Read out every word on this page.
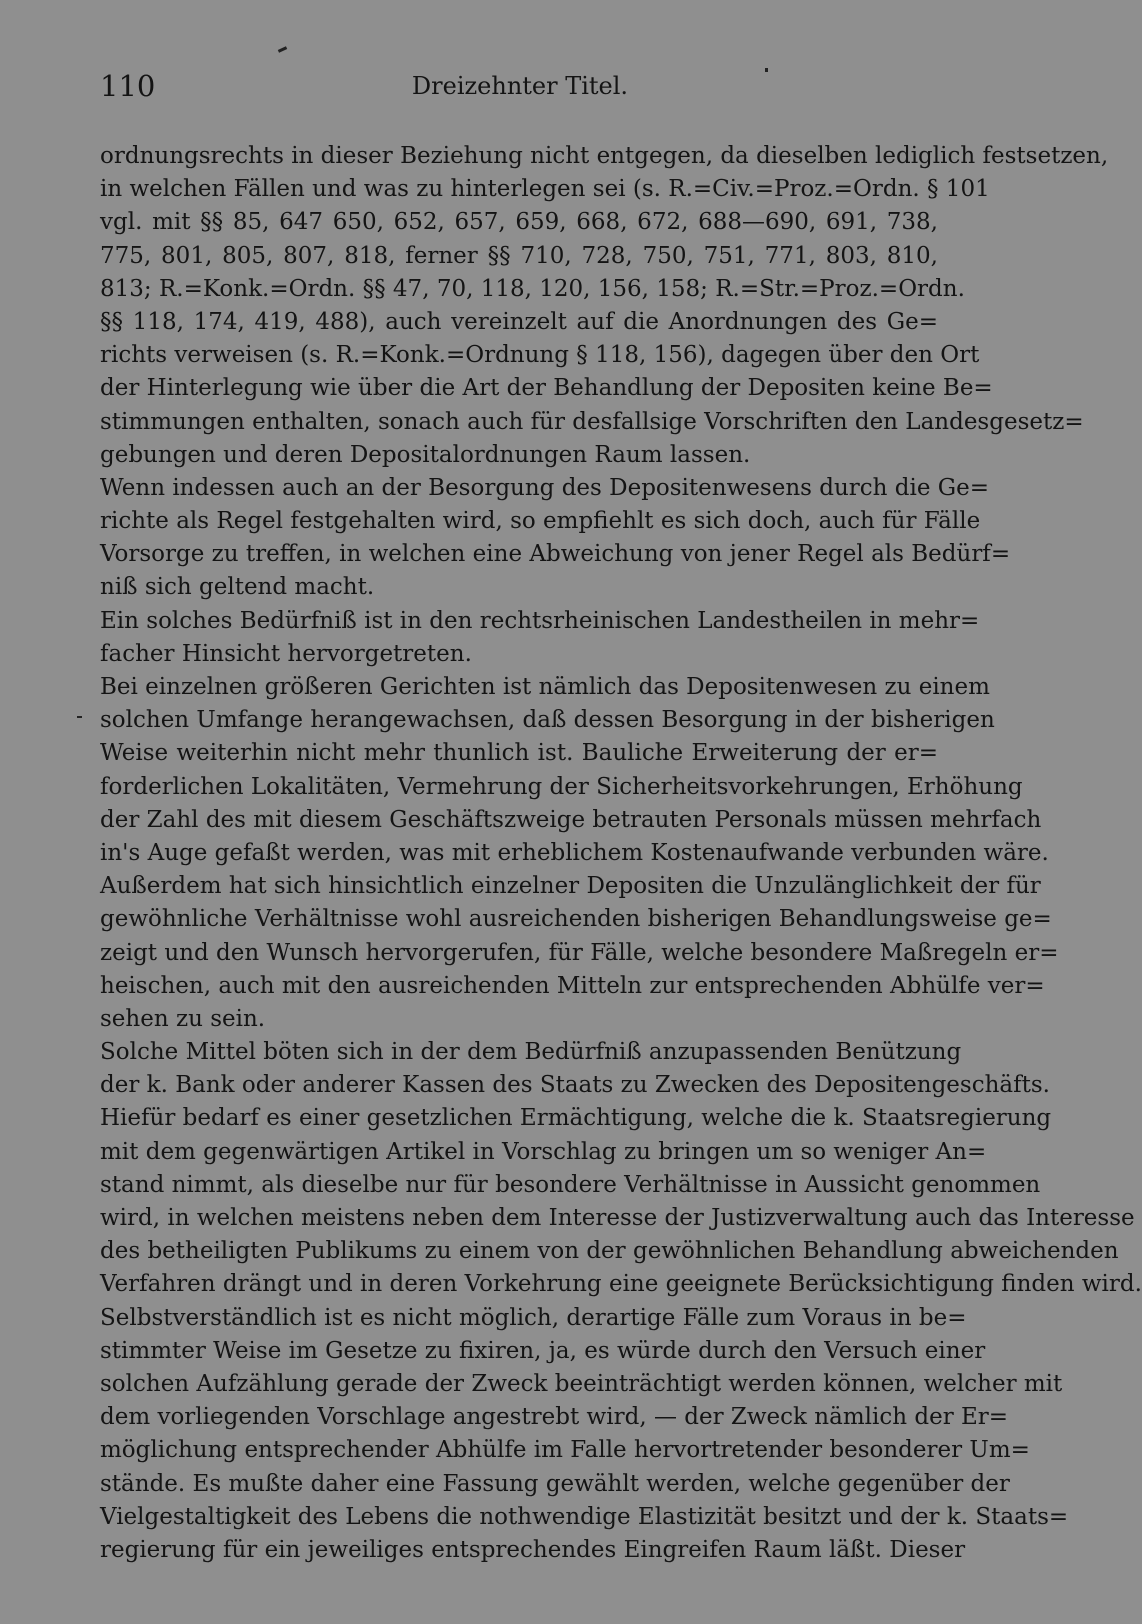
110	Dreizehnter Titel.
ordnungsrechts in dieser Beziehung nicht entgegen, da dieselben lediglich festsetzen,
in welchen Fällen und was zu hinterlegen sei (s. R.=Civ.=Proz.=Ordn. § 101
vgl. mit §§ 85, 647 650, 652, 657, 659, 668, 672, 688—690, 691, 738,
775, 801, 805, 807, 818, ferner §§ 710, 728, 750, 751, 771, 803, 810,
813; R.=Konk.=Ordn. §§ 47, 70, 118, 120, 156, 158; R.=Str.=Proz.=Ordn.
§§ 118, 174, 419, 488), auch vereinzelt auf die Anordnungen des Ge=
richts verweisen (s. R.=Konk.=Ordnung § 118, 156), dagegen über den Ort
der Hinterlegung wie über die Art der Behandlung der Depositen keine Be=
stimmungen enthalten, sonach auch für desfallsige Vorschriften den Landesgesetz=
gebungen und deren Depositalordnungen Raum lassen.
Wenn indessen auch an der Besorgung des Depositenwesens durch die Ge=
richte als Regel festgehalten wird, so empfiehlt es sich doch, auch für Fälle
Vorsorge zu treffen, in welchen eine Abweichung von jener Regel als Bedürf=
niß sich geltend macht.
Ein solches Bedürfniß ist in den rechtsrheinischen Landestheilen in mehr=
facher Hinsicht hervorgetreten.
Bei einzelnen größeren Gerichten ist nämlich das Depositenwesen zu einem
solchen Umfange herangewachsen, daß dessen Besorgung in der bisherigen
Weise weiterhin nicht mehr thunlich ist. Bauliche Erweiterung der er=
forderlichen Lokalitäten, Vermehrung der Sicherheitsvorkehrungen, Erhöhung
der Zahl des mit diesem Geschäftszweige betrauten Personals müssen mehrfach
in's Auge gefaßt werden, was mit erheblichem Kostenaufwande verbunden wäre.
Außerdem hat sich hinsichtlich einzelner Depositen die Unzulänglichkeit der für
gewöhnliche Verhältnisse wohl ausreichenden bisherigen Behandlungsweise ge=
zeigt und den Wunsch hervorgerufen, für Fälle, welche besondere Maßregeln er=
heischen, auch mit den ausreichenden Mitteln zur entsprechenden Abhülfe ver=
sehen zu sein.
Solche Mittel böten sich in der dem Bedürfniß anzupassenden Benützung
der k. Bank oder anderer Kassen des Staats zu Zwecken des Depositengeschäfts.
Hiefür bedarf es einer gesetzlichen Ermächtigung, welche die k. Staatsregierung
mit dem gegenwärtigen Artikel in Vorschlag zu bringen um so weniger An=
stand nimmt, als dieselbe nur für besondere Verhältnisse in Aussicht genommen
wird, in welchen meistens neben dem Interesse der Justizverwaltung auch das Interesse
des betheiligten Publikums zu einem von der gewöhnlichen Behandlung abweichenden
Verfahren drängt und in deren Vorkehrung eine geeignete Berücksichtigung finden wird.
Selbstverständlich ist es nicht möglich, derartige Fälle zum Voraus in be=
stimmter Weise im Gesetze zu fixiren, ja, es würde durch den Versuch einer
solchen Aufzählung gerade der Zweck beeinträchtigt werden können, welcher mit
dem vorliegenden Vorschlage angestrebt wird, — der Zweck nämlich der Er=
möglichung entsprechender Abhülfe im Falle hervortretender besonderer Um=
stände. Es mußte daher eine Fassung gewählt werden, welche gegenüber der
Vielgestaltigkeit des Lebens die nothwendige Elastizität besitzt und der k. Staats=
regierung für ein jeweiliges entsprechendes Eingreifen Raum läßt. Dieser
